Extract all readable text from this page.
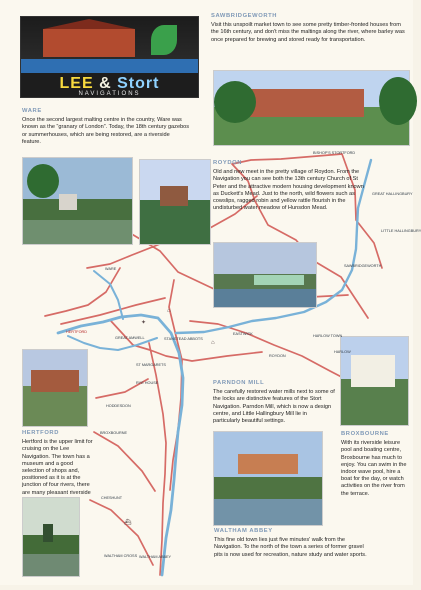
LEE & Stort
NAVIGATIONS
SAWBRIDGEWORTH
Visit this unspoilt market town to see some pretty timber-fronted houses from the 16th century, and don't miss the maltings along the river, where barley was once prepared for brewing and stored ready for transportation.
WARE
Once the second largest malting centre in the country, Ware was known as the “granary of London”. Today, the 18th century gazebos or summerhouses, which are being restored, are a riverside feature.
ROYDON
Old and new meet in the pretty village of Roydon. From the Navigation you can see both the 13th century Church of St Peter and the attractive modern housing development known as Duckett's Mead. Just to the north, wild flowers such as cowslips, ragged robin and yellow rattle flourish in the undisturbed water meadow of Hunsdon Mead.
PARNDON MILL
The carefully restored water mills next to some of the locks are distinctive features of the Stort Navigation. Parndon Mill, which is now a design centre, and Little Hallingbury Mill lie in particularly beautiful settings.
HERTFORD
Hertford is the upper limit for cruising on the Lee Navigation. The town has a museum and a good selection of shops and, positioned as it is at the junction of four rivers, there are many pleasant riverside
BROXBOURNE
With its riverside leisure pool and boating centre, Broxbourne has much to enjoy. You can swim in the indoor wave pool, hire a boat for the day, or watch activities on the river from the terrace.
WALTHAM ABBEY
This fine old town lies just five minutes' walk from the Navigation. To the north of the town a series of former gravel pits is now used for recreation, nature study and water sports.
BISHOP'S STORTFORD
GREAT HALLINGBURY
LITTLE HALLINGBURY
SAWBRIDGEWORTH
WARE
HERTFORD
GREAT AMWELL	STANSTEAD ABBOTS
ST MARGARETS
EASTWICK	HARLOW TOWN
HARLOW
ROYDON
RYE HOUSE
HODDESDON
BROXBOURNE
CHESHUNT
WALTHAM CROSS WALTHAM ABBEY
✦
⌂
⌂
⛴
